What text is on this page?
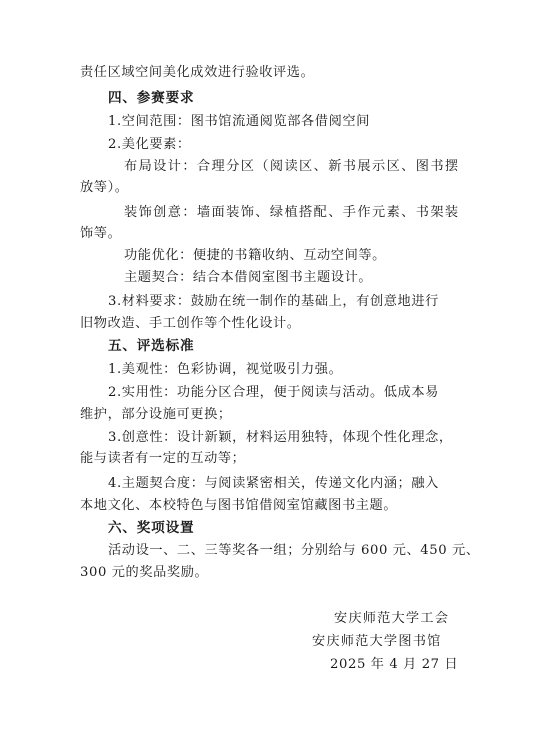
责任区域空间美化成效进行验收评选。
四、参赛要求
1.空间范围：图书馆流通阅览部各借阅空间
2.美化要素：
布局设计：合理分区（阅读区、新书展示区、图书摆
放等）。
装饰创意：墙面装饰、绿植搭配、手作元素、书架装
饰等。
功能优化：便捷的书籍收纳、互动空间等。
主题契合：结合本借阅室图书主题设计。
3.材料要求：鼓励在统一制作的基础上，有创意地进行
旧物改造、手工创作等个性化设计。
五、评选标准
1.美观性：色彩协调，视觉吸引力强。
2.实用性：功能分区合理，便于阅读与活动。低成本易
维护，部分设施可更换；
3.创意性：设计新颖，材料运用独特，体现个性化理念，
能与读者有一定的互动等；
4.主题契合度：与阅读紧密相关，传递文化内涵；融入
本地文化、本校特色与图书馆借阅室馆藏图书主题。
六、奖项设置
活动设一、二、三等奖各一组；分别给与 600 元、450 元、
300 元的奖品奖励。
安庆师范大学工会
安庆师范大学图书馆
2025 年 4 月 27 日
